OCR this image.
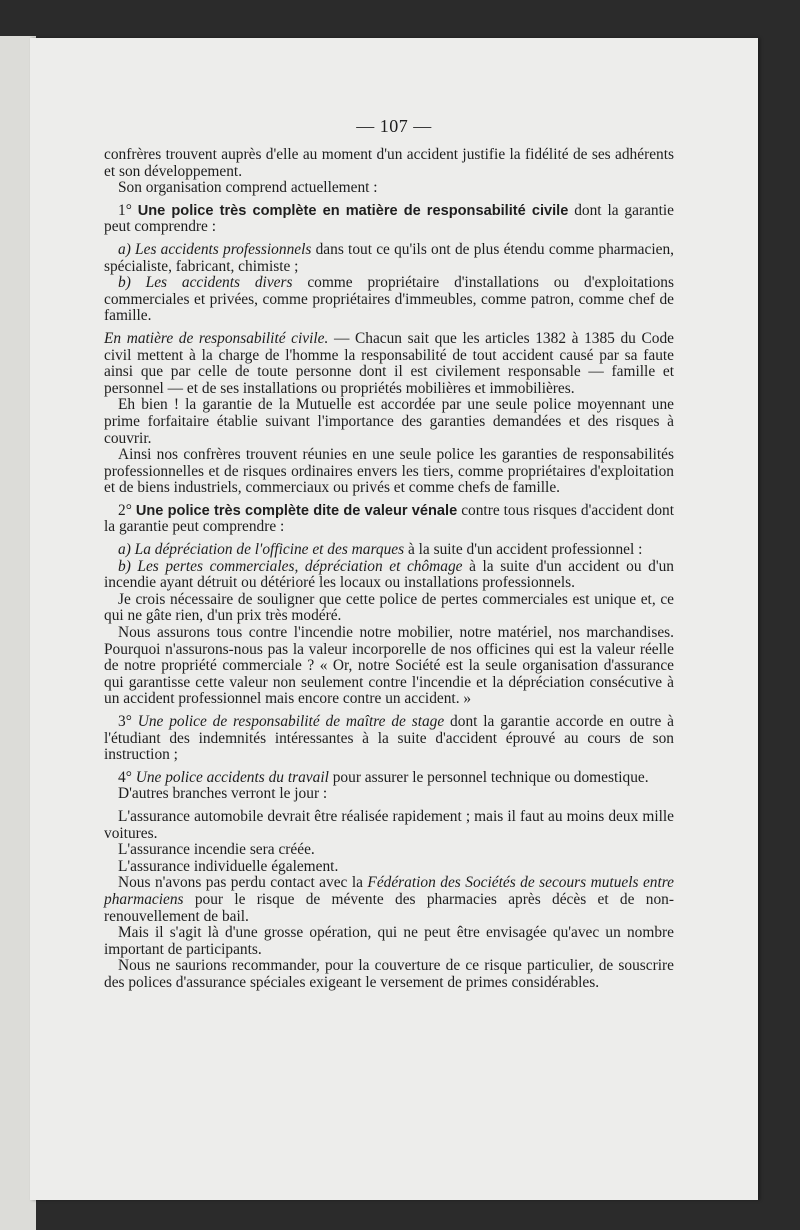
— 107 —

confrères trouvent auprès d'elle au moment d'un accident justifie la fidélité de ses adhérents et son développement.

Son organisation comprend actuellement :

1° Une police très complète en matière de responsabilité civile dont la garantie peut comprendre :

a) Les accidents professionnels dans tout ce qu'ils ont de plus étendu comme pharmacien, spécialiste, fabricant, chimiste ;

b) Les accidents divers comme propriétaire d'installations ou d'exploitations commerciales et privées, comme propriétaires d'immeubles, comme patron, comme chef de famille.

En matière de responsabilité civile. — Chacun sait que les articles 1382 à 1385 du Code civil mettent à la charge de l'homme la responsabilité de tout accident causé par sa faute ainsi que par celle de toute personne dont il est civilement responsable — famille et personnel — et de ses installations ou propriétés mobilières et immobilières.

Eh bien ! la garantie de la Mutuelle est accordée par une seule police moyennant une prime forfaitaire établie suivant l'importance des garanties demandées et des risques à couvrir.

Ainsi nos confrères trouvent réunies en une seule police les garanties de responsabilités professionnelles et de risques ordinaires envers les tiers, comme propriétaires d'exploitation et de biens industriels, commerciaux ou privés et comme chefs de famille.

2° Une police très complète dite de valeur vénale contre tous risques d'accident dont la garantie peut comprendre :

a) La dépréciation de l'officine et des marques à la suite d'un accident professionnel :

b) Les pertes commerciales, dépréciation et chômage à la suite d'un accident ou d'un incendie ayant détruit ou détérioré les locaux ou installations professionnels.

Je crois nécessaire de souligner que cette police de pertes commerciales est unique et, ce qui ne gâte rien, d'un prix très modéré.

Nous assurons tous contre l'incendie notre mobilier, notre matériel, nos marchandises. Pourquoi n'assurons-nous pas la valeur incorporelle de nos officines qui est la valeur réelle de notre propriété commerciale ? « Or, notre Société est la seule organisation d'assurance qui garantisse cette valeur non seulement contre l'incendie et la dépréciation consécutive à un accident professionnel mais encore contre un accident. »

3° Une police de responsabilité de maître de stage dont la garantie accorde en outre à l'étudiant des indemnités intéressantes à la suite d'accident éprouvé au cours de son instruction ;

4° Une police accidents du travail pour assurer le personnel technique ou domestique.

D'autres branches verront le jour :

L'assurance automobile devrait être réalisée rapidement ; mais il faut au moins deux mille voitures.

L'assurance incendie sera créée.

L'assurance individuelle également.

Nous n'avons pas perdu contact avec la Fédération des Sociétés de secours mutuels entre pharmaciens pour le risque de mévente des pharmacies après décès et de non-renouvellement de bail.

Mais il s'agit là d'une grosse opération, qui ne peut être envisagée qu'avec un nombre important de participants.

Nous ne saurions recommander, pour la couverture de ce risque particulier, de souscrire des polices d'assurance spéciales exigeant le versement de primes considérables.
